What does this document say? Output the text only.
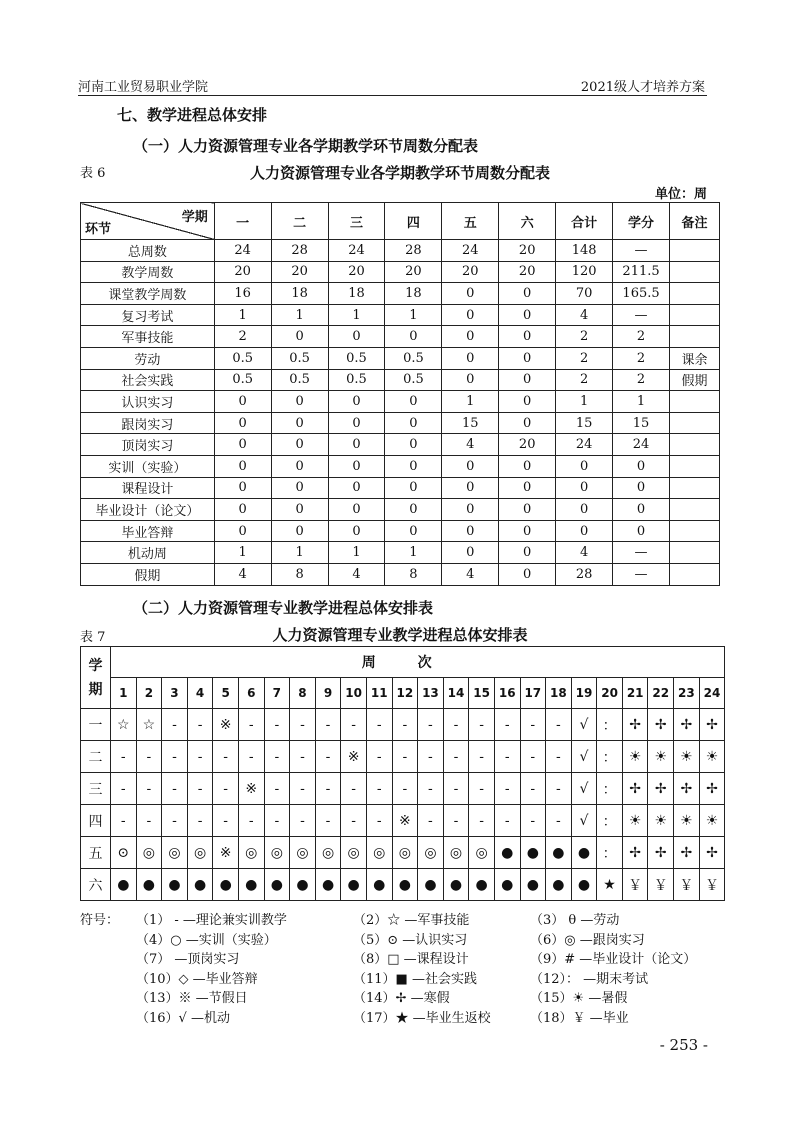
河南工业贸易职业学院	2021级人才培养方案
七、教学进程总体安排
（一）人力资源管理专业各学期教学环节周数分配表
表 6	人力资源管理专业各学期教学环节周数分配表
单位：周
学期
环节	一	二	三	四	五	六	合计	学分	备注
总周数	24	28	24	28	24	20	148	—	
教学周数	20	20	20	20	20	20	120	211.5	
课堂教学周数	16	18	18	18	0	0	70	165.5	
复习考试	1	1	1	1	0	0	4	—	
军事技能	2	0	0	0	0	0	2	2	
劳动	0.5	0.5	0.5	0.5	0	0	2	2	课余
社会实践	0.5	0.5	0.5	0.5	0	0	2	2	假期
认识实习	0	0	0	0	1	0	1	1	
跟岗实习	0	0	0	0	15	0	15	15	
顶岗实习	0	0	0	0	4	20	24	24	
实训（实验）	0	0	0	0	0	0	0	0	
课程设计	0	0	0	0	0	0	0	0	
毕业设计（论文）	0	0	0	0	0	0	0	0	
毕业答辩	0	0	0	0	0	0	0	0	
机动周	1	1	1	1	0	0	4	—	
假期	4	8	4	8	4	0	28	—	
（二）人力资源管理专业教学进程总体安排表
表 7	人力资源管理专业教学进程总体安排表
学
期	周次																							
	1	2	3	4	5	6	7	8	9	10	11	12	13	14	15	16	17	18	19	20	21	22	23	24
一	☆	☆	-	-	※	-	-	-	-	-	-	-	-	-	-	-	-	-	√	：	✢	✢	✢	✢
二	-	-	-	-	-	-	-	-	-	※	-	-	-	-	-	-	-	-	√	：	☀	☀	☀	☀
三	-	-	-	-	-	※	-	-	-	-	-	-	-	-	-	-	-	-	√	：	✢	✢	✢	✢
四	-	-	-	-	-	-	-	-	-	-	-	※	-	-	-	-	-	-	√	：	☀	☀	☀	☀
五	⊙	◎	◎	◎	※	◎	◎	◎	◎	◎	◎	◎	◎	◎	◎	●	●	●	●	：	✢	✢	✢	✢
六	●	●	●	●	●	●	●	●	●	●	●	●	●	●	●	●	●	●	●	★	￥	￥	￥	￥
符号： （1） - —理论兼实训教学	（2）☆ —军事技能	（3） θ —劳动
（4）○ —实训（实验）	（5）⊙ —认识实习	（6）◎ —跟岗实习
（7） —顶岗实习	（8）□ —课程设计	（9）# —毕业设计（论文）
（10）◇ —毕业答辩	（11）■ —社会实践	（12）： —期末考试
（13）※ —节假日	（14）✢ —寒假	（15）☀ —暑假
（16）√ —机动	（17）★ —毕业生返校	（18）￥ —毕业
- 253 -
